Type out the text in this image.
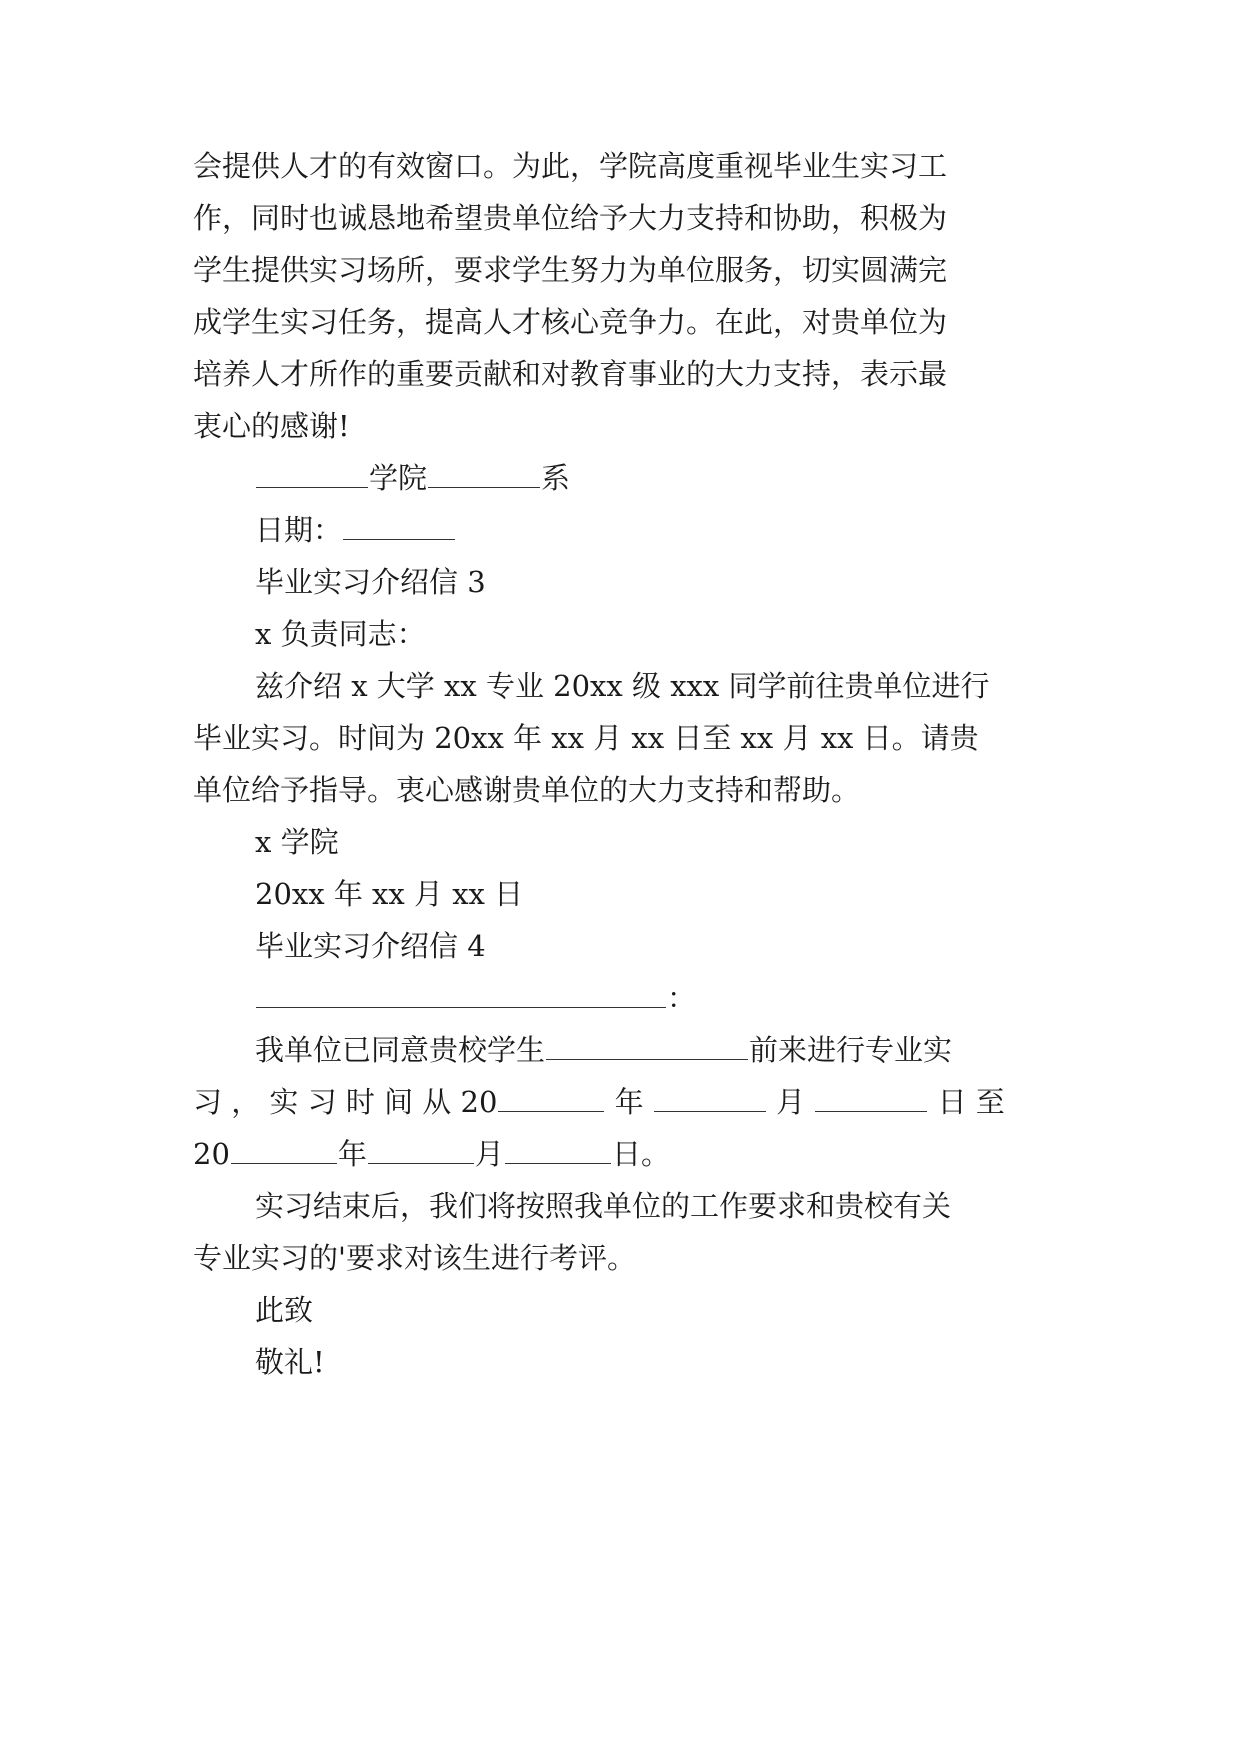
会提供人才的有效窗口。为此，学院高度重视毕业生实习工
作，同时也诚恳地希望贵单位给予大力支持和协助，积极为
学生提供实习场所，要求学生努力为单位服务，切实圆满完
成学生实习任务，提高人才核心竞争力。在此，对贵单位为
培养人才所作的重要贡献和对教育事业的大力支持，表示最
衷心的感谢!
学院	系
日期：
毕业实习介绍信 3
x 负责同志：
兹介绍 x 大学 xx 专业 20xx 级 xxx 同学前往贵单位进行
毕业实习。时间为 20xx 年 xx 月 xx 日至 xx 月 xx 日。请贵
单位给予指导。衷心感谢贵单位的大力支持和帮助。
x 学院
20xx 年 xx 月 xx 日
毕业实习介绍信 4
：
我单位已同意贵校学生	前来进行专业实
习 ， 实 习 时 间 从 20	年	月	日 至
20	年	月	日。
实习结束后，我们将按照我单位的工作要求和贵校有关
专业实习的'要求对该生进行考评。
此致
敬礼!
